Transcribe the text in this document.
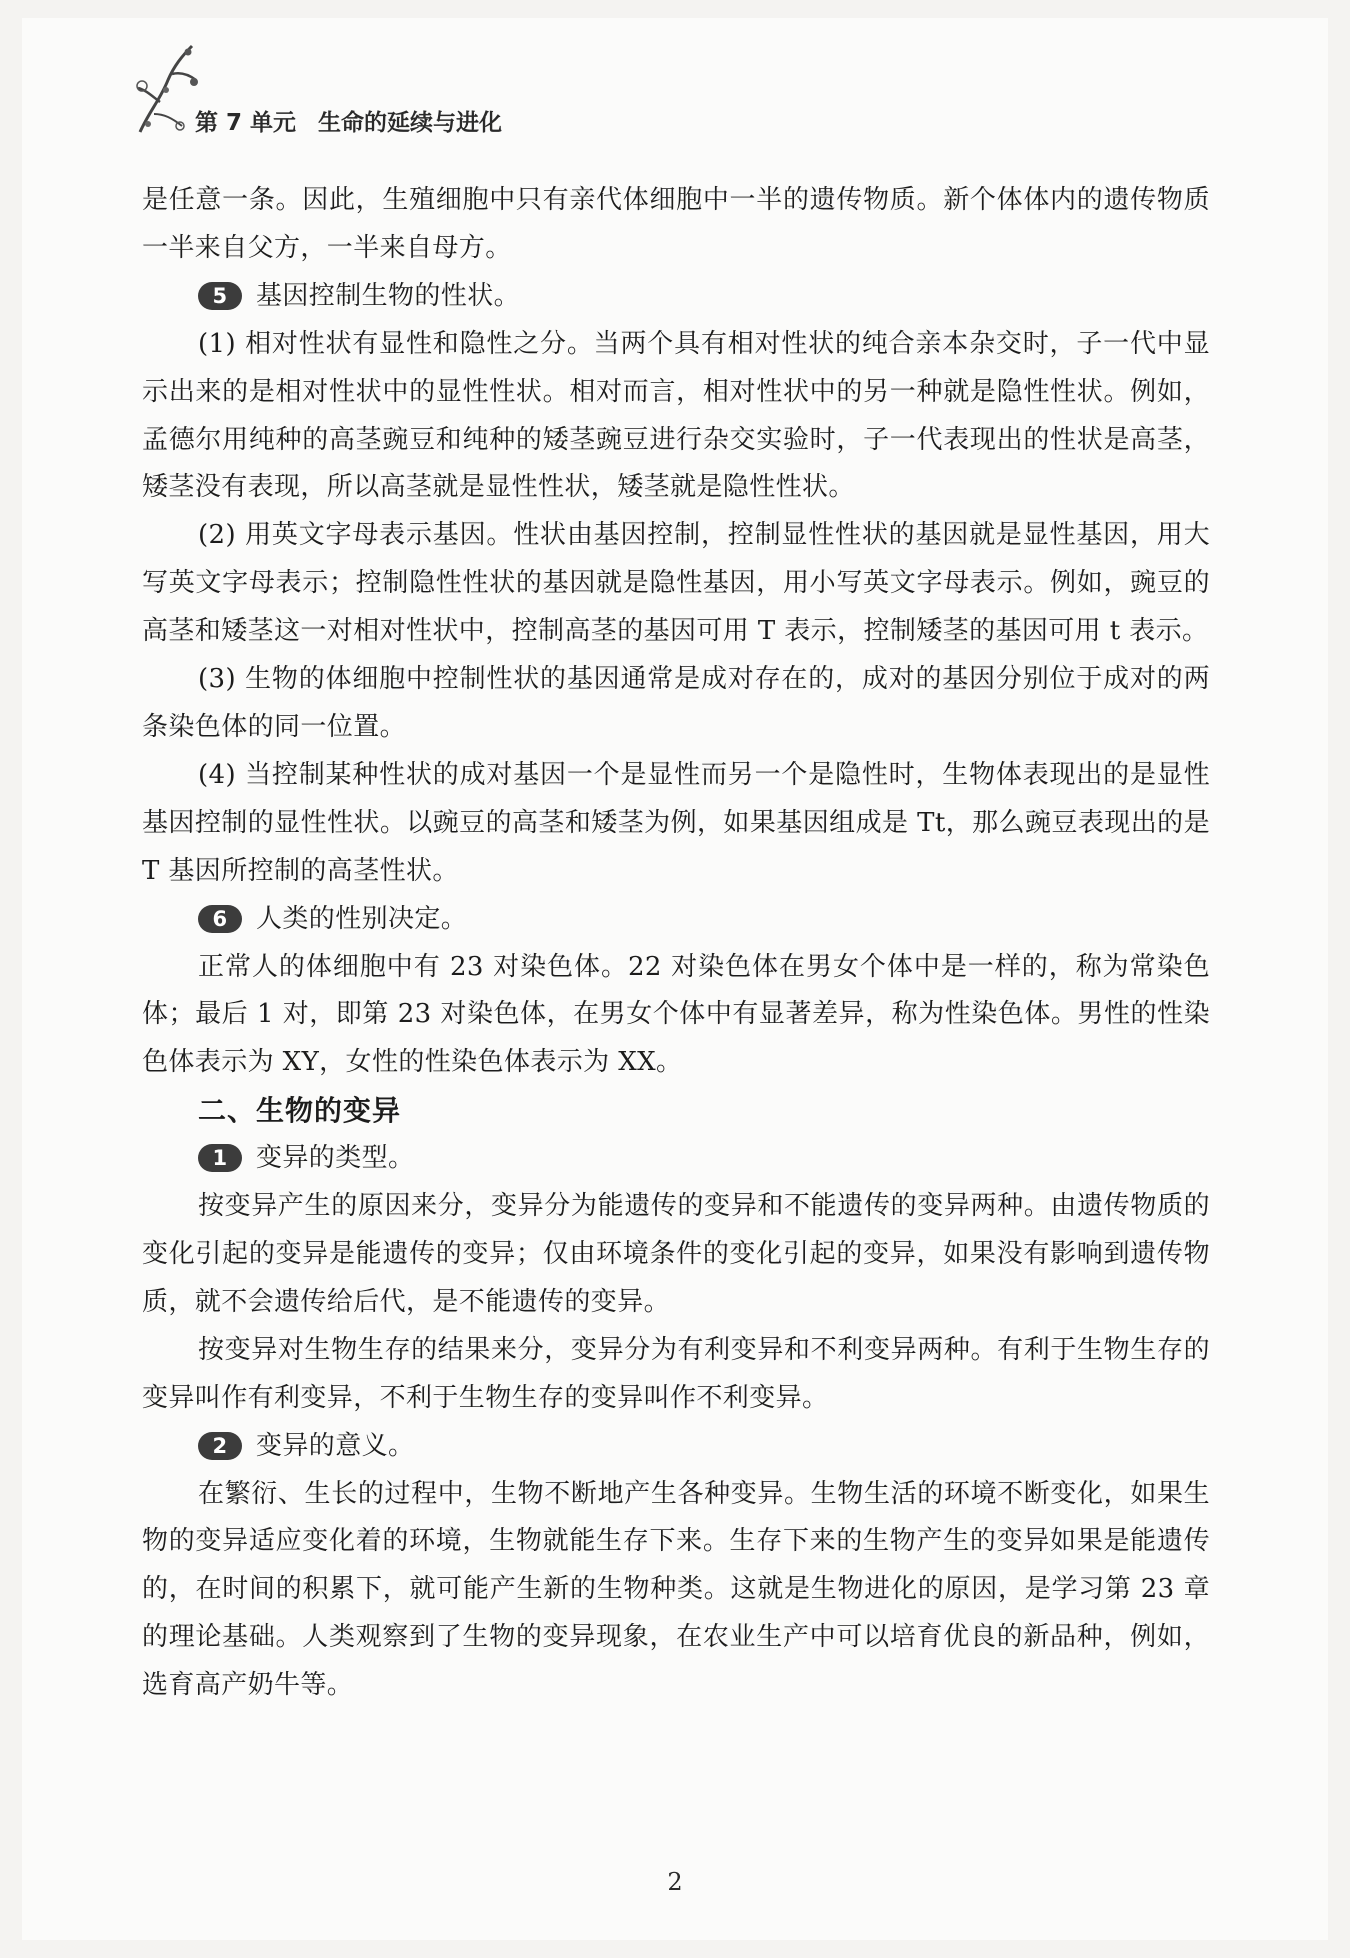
第 7 单元 生命的延续与进化

是任意一条。因此，生殖细胞中只有亲代体细胞中一半的遗传物质。新个体体内的遗传物质一半来自父方，一半来自母方。

5 基因控制生物的性状。

(1) 相对性状有显性和隐性之分。当两个具有相对性状的纯合亲本杂交时，子一代中显示出来的是相对性状中的显性性状。相对而言，相对性状中的另一种就是隐性性状。例如，孟德尔用纯种的高茎豌豆和纯种的矮茎豌豆进行杂交实验时，子一代表现出的性状是高茎，矮茎没有表现，所以高茎就是显性性状，矮茎就是隐性性状。

(2) 用英文字母表示基因。性状由基因控制，控制显性性状的基因就是显性基因，用大写英文字母表示；控制隐性性状的基因就是隐性基因，用小写英文字母表示。例如，豌豆的高茎和矮茎这一对相对性状中，控制高茎的基因可用 T 表示，控制矮茎的基因可用 t 表示。

(3) 生物的体细胞中控制性状的基因通常是成对存在的，成对的基因分别位于成对的两条染色体的同一位置。

(4) 当控制某种性状的成对基因一个是显性而另一个是隐性时，生物体表现出的是显性基因控制的显性性状。以豌豆的高茎和矮茎为例，如果基因组成是 Tt，那么豌豆表现出的是 T 基因所控制的高茎性状。

6 人类的性别决定。

正常人的体细胞中有 23 对染色体。22 对染色体在男女个体中是一样的，称为常染色体；最后 1 对，即第 23 对染色体，在男女个体中有显著差异，称为性染色体。男性的性染色体表示为 XY，女性的性染色体表示为 XX。

二、生物的变异
1 变异的类型。

按变异产生的原因来分，变异分为能遗传的变异和不能遗传的变异两种。由遗传物质的变化引起的变异是能遗传的变异；仅由环境条件的变化引起的变异，如果没有影响到遗传物质，就不会遗传给后代，是不能遗传的变异。

按变异对生物生存的结果来分，变异分为有利变异和不利变异两种。有利于生物生存的变异叫作有利变异，不利于生物生存的变异叫作不利变异。

2 变异的意义。

在繁衍、生长的过程中，生物不断地产生各种变异。生物生活的环境不断变化，如果生物的变异适应变化着的环境，生物就能生存下来。生存下来的生物产生的变异如果是能遗传的，在时间的积累下，就可能产生新的生物种类。这就是生物进化的原因，是学习第 23 章的理论基础。人类观察到了生物的变异现象，在农业生产中可以培育优良的新品种，例如，选育高产奶牛等。

2
